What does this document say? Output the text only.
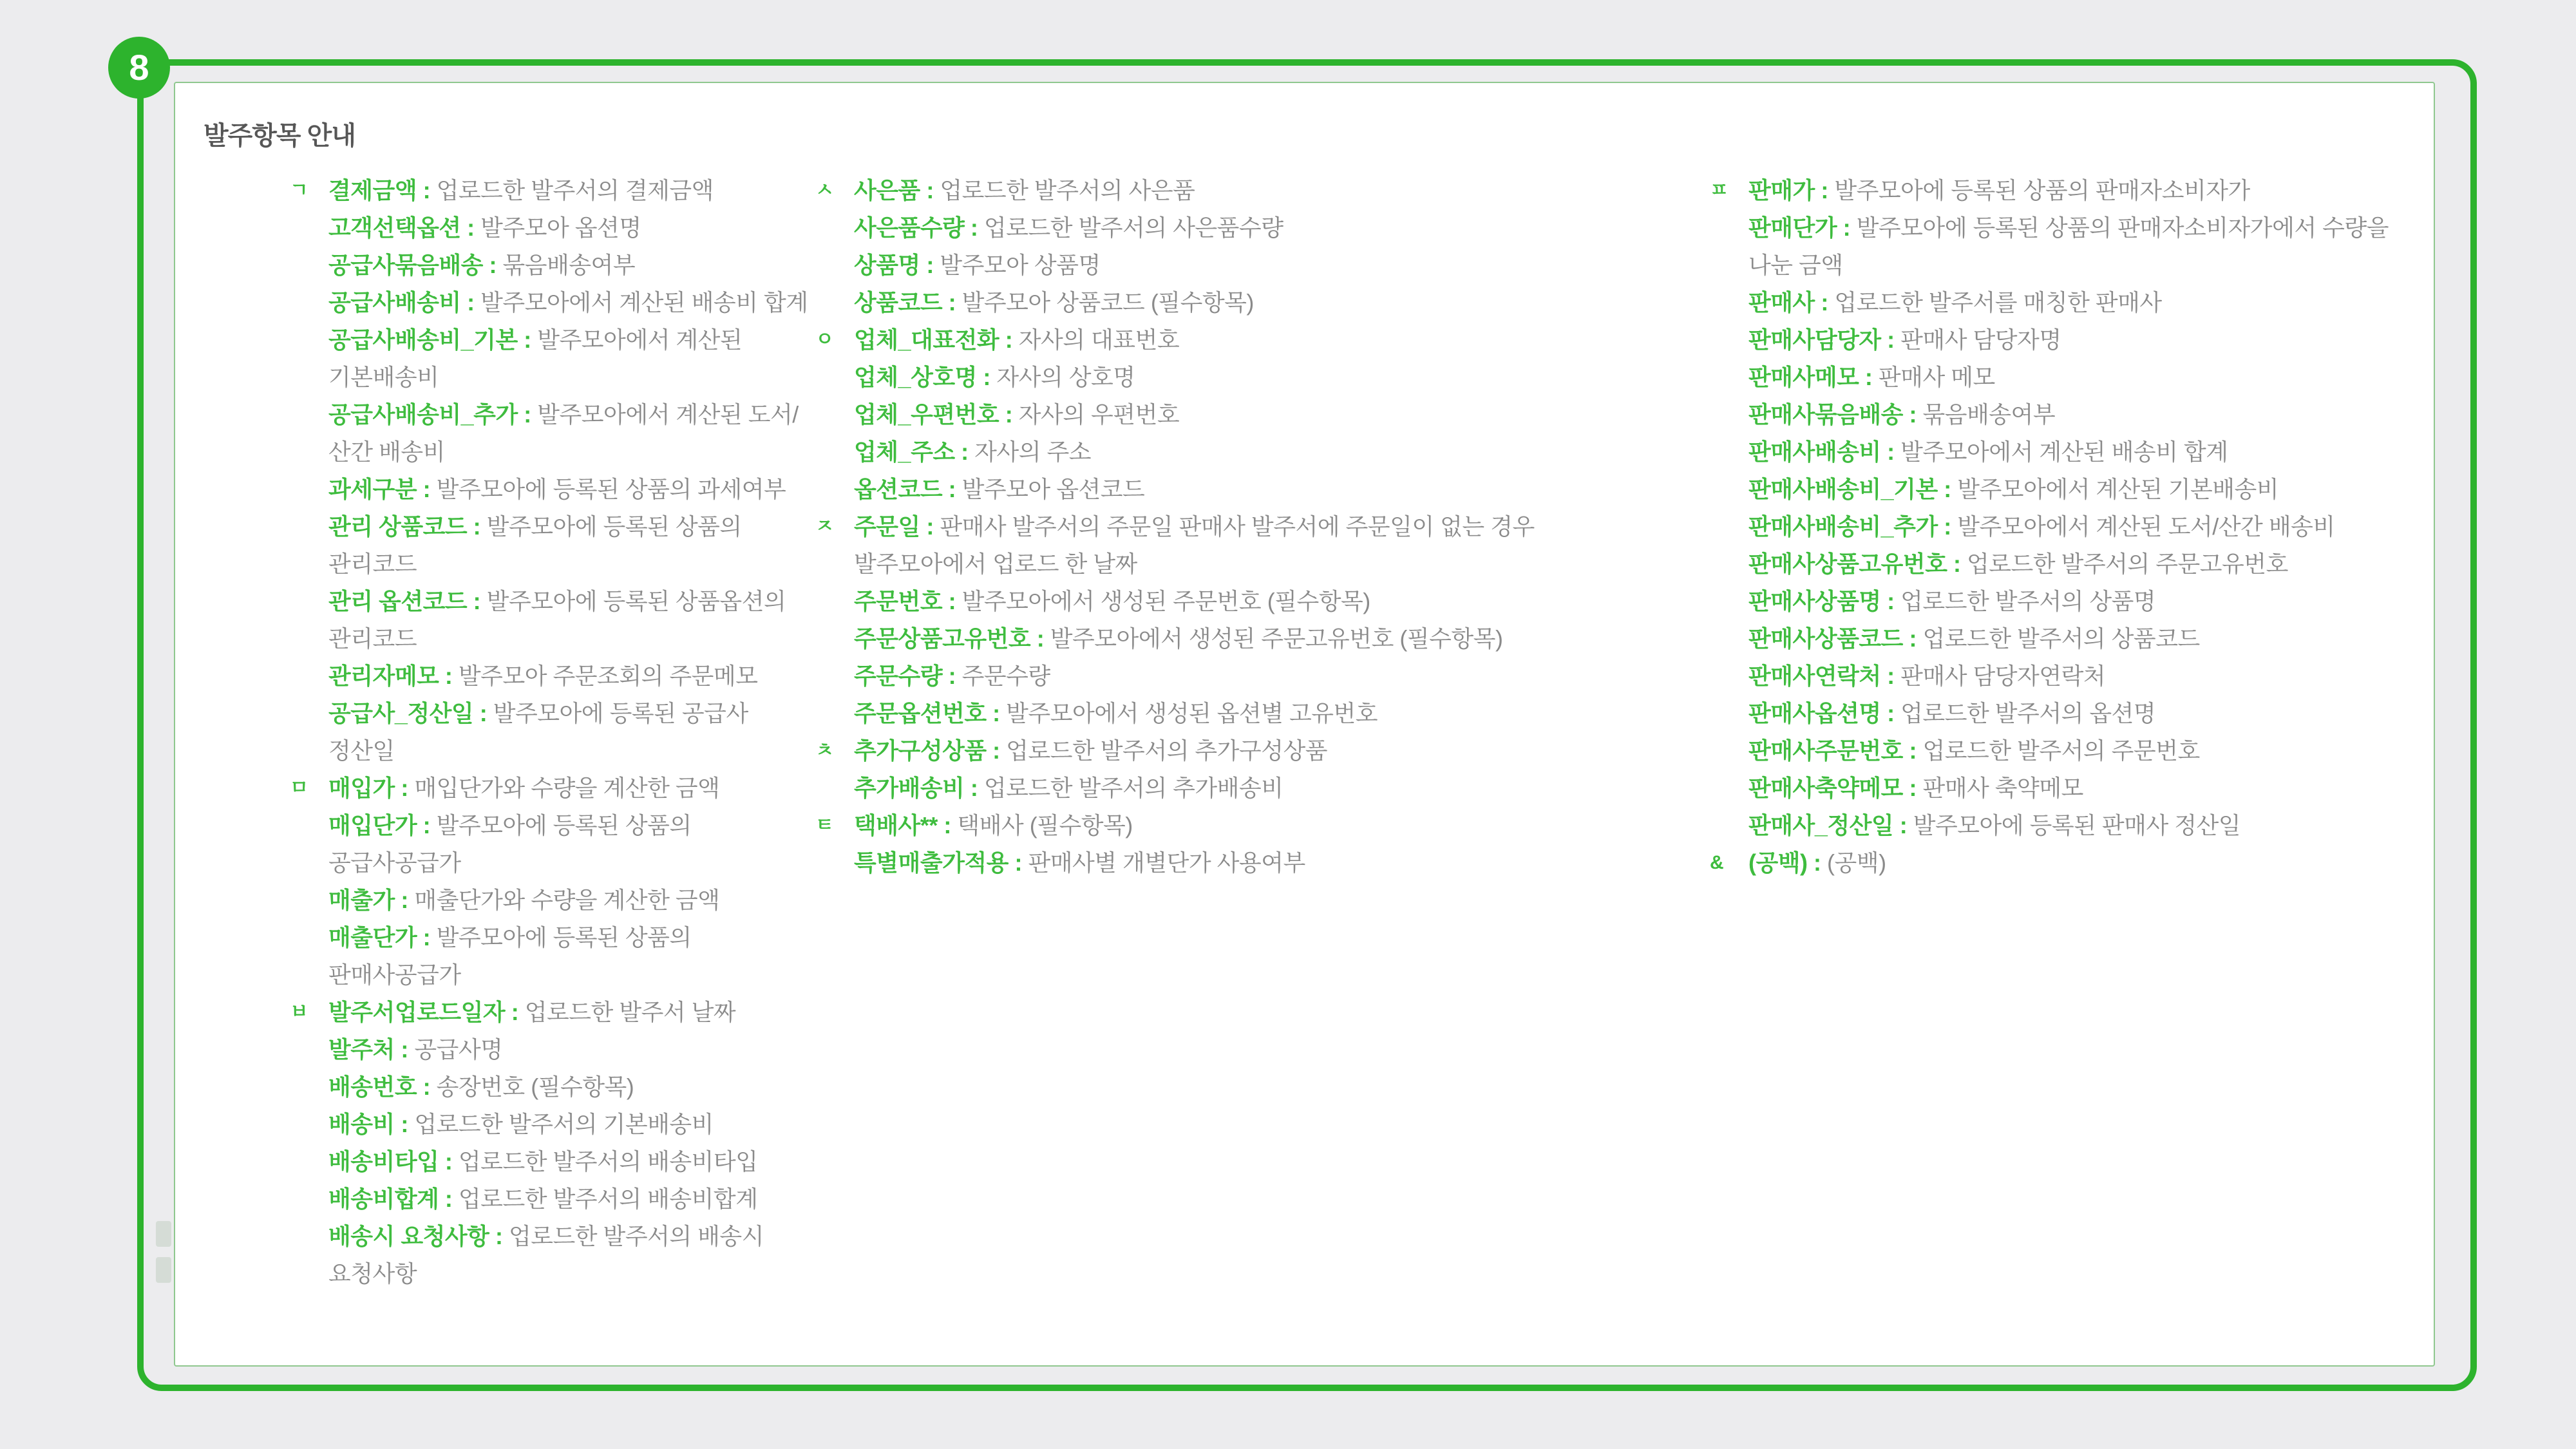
8
발주항목 안내
ㄱ 결제금액 : 업로드한 발주서의 결제금액
고객선택옵션 : 발주모아 옵션명
공급사묶음배송 : 묶음배송여부
공급사배송비 : 발주모아에서 계산된 배송비 합계
공급사배송비_기본 : 발주모아에서 계산된 기본배송비
공급사배송비_추가 : 발주모아에서 계산된 도서/산간 배송비
과세구분 : 발주모아에 등록된 상품의 과세여부
관리 상품코드 : 발주모아에 등록된 상품의 관리코드
관리 옵션코드 : 발주모아에 등록된 상품옵션의 관리코드
관리자메모 : 발주모아 주문조회의 주문메모
공급사_정산일 : 발주모아에 등록된 공급사 정산일
ㅁ 매입가 : 매입단가와 수량을 계산한 금액
매입단가 : 발주모아에 등록된 상품의 공급사공급가
매출가 : 매출단가와 수량을 계산한 금액
매출단가 : 발주모아에 등록된 상품의 판매사공급가
ㅂ 발주서업로드일자 : 업로드한 발주서 날짜
발주처 : 공급사명
배송번호 : 송장번호 (필수항목)
배송비 : 업로드한 발주서의 기본배송비
배송비타입 : 업로드한 발주서의 배송비타입
배송비합계 : 업로드한 발주서의 배송비합계
배송시 요청사항 : 업로드한 발주서의 배송시 요청사항
ㅅ 사은품 : 업로드한 발주서의 사은품
사은품수량 : 업로드한 발주서의 사은품수량
상품명 : 발주모아 상품명
상품코드 : 발주모아 상품코드 (필수항목)
ㅇ 업체_대표전화 : 자사의 대표번호
업체_상호명 : 자사의 상호명
업체_우편번호 : 자사의 우편번호
업체_주소 : 자사의 주소
옵션코드 : 발주모아 옵션코드
ㅈ 주문일 : 판매사 발주서의 주문일 판매사 발주서에 주문일이 없는 경우 발주모아에서 업로드 한 날짜
주문번호 : 발주모아에서 생성된 주문번호 (필수항목)
주문상품고유번호 : 발주모아에서 생성된 주문고유번호 (필수항목)
주문수량 : 주문수량
주문옵션번호 : 발주모아에서 생성된 옵션별 고유번호
ㅊ 추가구성상품 : 업로드한 발주서의 추가구성상품
추가배송비 : 업로드한 발주서의 추가배송비
ㅌ 택배사** : 택배사 (필수항목)
특별매출가적용 : 판매사별 개별단가 사용여부
ㅍ 판매가 : 발주모아에 등록된 상품의 판매자소비자가
판매단가 : 발주모아에 등록된 상품의 판매자소비자가에서 수량을 나눈 금액
판매사 : 업로드한 발주서를 매칭한 판매사
판매사담당자 : 판매사 담당자명
판매사메모 : 판매사 메모
판매사묶음배송 : 묶음배송여부
판매사배송비 : 발주모아에서 계산된 배송비 합계
판매사배송비_기본 : 발주모아에서 계산된 기본배송비
판매사배송비_추가 : 발주모아에서 계산된 도서/산간 배송비
판매사상품고유번호 : 업로드한 발주서의 주문고유번호
판매사상품명 : 업로드한 발주서의 상품명
판매사상품코드 : 업로드한 발주서의 상품코드
판매사연락처 : 판매사 담당자연락처
판매사옵션명 : 업로드한 발주서의 옵션명
판매사주문번호 : 업로드한 발주서의 주문번호
판매사축약메모 : 판매사 축약메모
판매사_정산일 : 발주모아에 등록된 판매사 정산일
&	(공백) : (공백)
